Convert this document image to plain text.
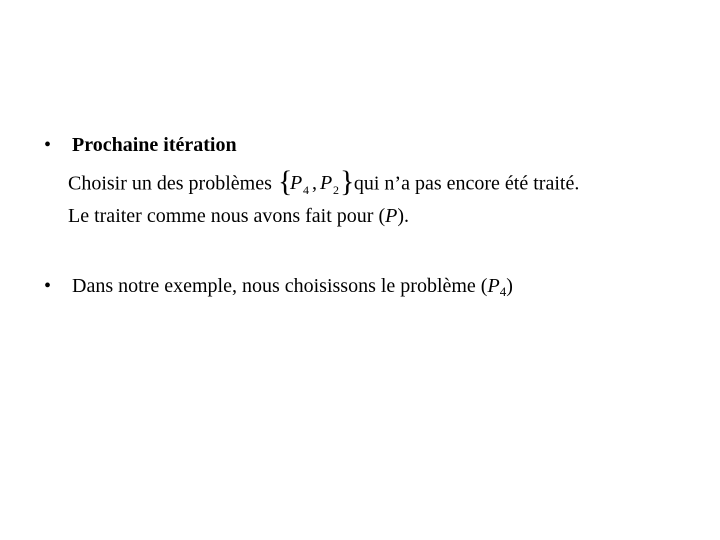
• Prochaine itération
Choisir un des problèmes {
P 4 , P 2 } qui n’a pas encore été traité.
Le traiter comme nous avons fait pour (P).
• Dans notre exemple, nous choisissons le problème $(P_4)$
